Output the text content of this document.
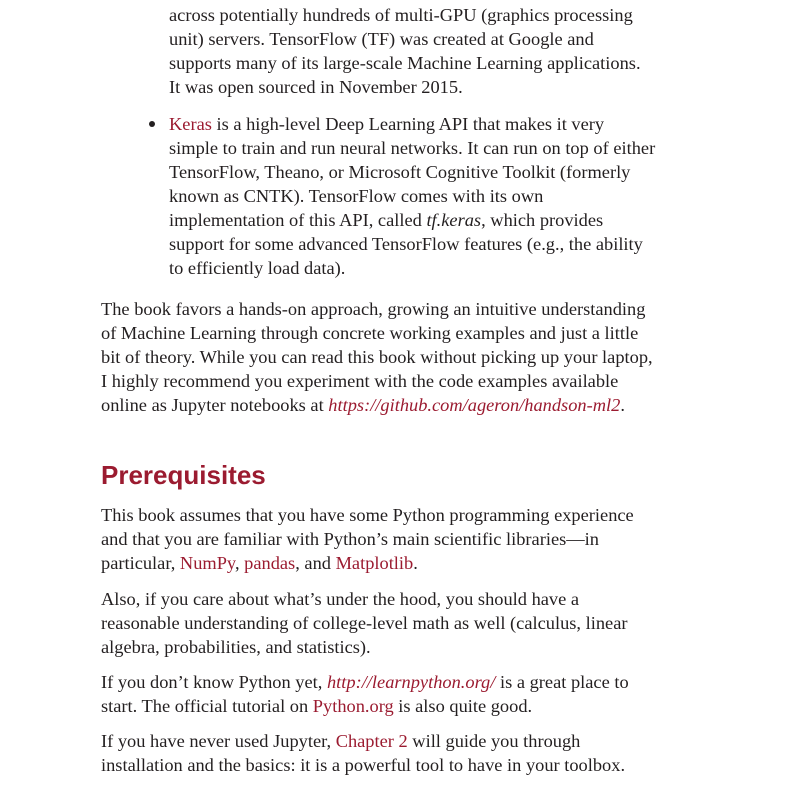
across potentially hundreds of multi-GPU (graphics processing
unit) servers. TensorFlow (TF) was created at Google and
supports many of its large-scale Machine Learning applications.
It was open sourced in November 2015.
Keras is a high-level Deep Learning API that makes it very
simple to train and run neural networks. It can run on top of either
TensorFlow, Theano, or Microsoft Cognitive Toolkit (formerly
known as CNTK). TensorFlow comes with its own
implementation of this API, called tf.keras, which provides
support for some advanced TensorFlow features (e.g., the ability
to efficiently load data).
The book favors a hands-on approach, growing an intuitive understanding
of Machine Learning through concrete working examples and just a little
bit of theory. While you can read this book without picking up your laptop,
I highly recommend you experiment with the code examples available
online as Jupyter notebooks at https://github.com/ageron/handson-ml2.
Prerequisites
This book assumes that you have some Python programming experience
and that you are familiar with Python’s main scientific libraries—in
particular, NumPy, pandas, and Matplotlib.
Also, if you care about what’s under the hood, you should have a
reasonable understanding of college-level math as well (calculus, linear
algebra, probabilities, and statistics).
If you don’t know Python yet, http://learnpython.org/ is a great place to
start. The official tutorial on Python.org is also quite good.
If you have never used Jupyter, Chapter 2 will guide you through
installation and the basics: it is a powerful tool to have in your toolbox.
